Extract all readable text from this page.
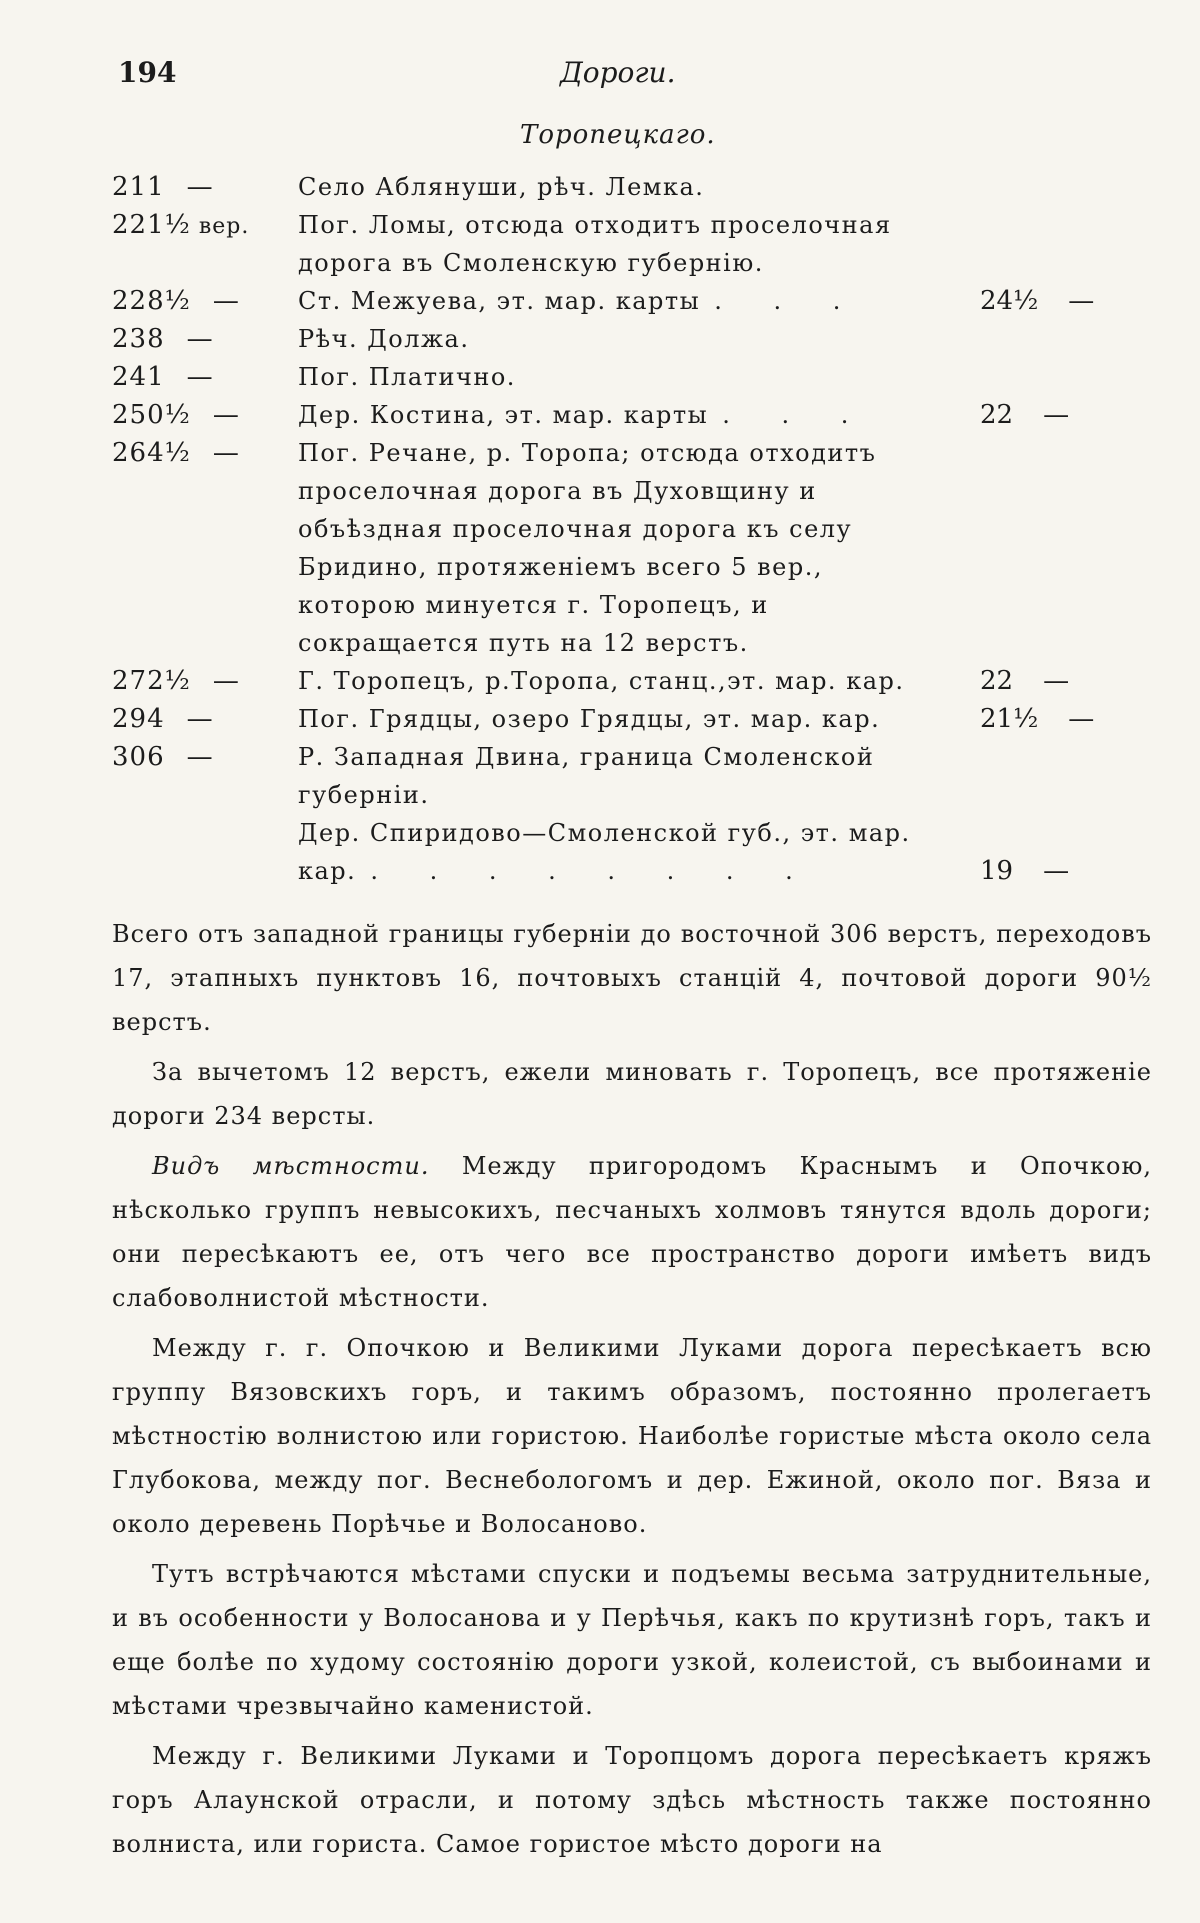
194	Дороги.
Торопецкаго.
211 —	Село Аблянуши, рѣч. Лемка.
221½ вер.	Пог. Ломы, отсюда отходитъ проселочная дорога въ Смоленскую губернію.
228½ —	Ст. Межуева, эт. мар. карты . . .	24½ —
238 —	Рѣч. Должа.
241 —	Пог. Платично.
250½ —	Дер. Костина, эт. мар. карты . . .	22 —
264½ —	Пог. Речане, р. Торопа; отсюда отходитъ проселочная дорога въ Духовщину и объѣздная проселочная дорога къ селу Бридино, протяженіемъ всего 5 вер., которою минуется г. Торопецъ, и сокращается путь на 12 верстъ.
272½ —	Г. Торопецъ, р.Торопа, станц.,эт. мар. кар.	22 —
294 —	Пог. Грядцы, озеро Грядцы, эт. мар. кар.	21½ —
306 —	Р. Западная Двина, граница Смоленской губерніи.
Дер. Спиридово—Смоленской губ., эт. мар. кар. . . . . . . . .	19 —

Всего отъ западной границы губерніи до восточной 306 верстъ, переходовъ 17, этапныхъ пунктовъ 16, почтовыхъ станцій 4, почтовой дороги 90½ верстъ.

За вычетомъ 12 верстъ, ежели миновать г. Торопецъ, все протяженіе дороги 234 версты.

Видъ мѣстности. Между пригородомъ Краснымъ и Опочкою, нѣсколько группъ невысокихъ, песчаныхъ холмовъ тянутся вдоль дороги; они пересѣкаютъ ее, отъ чего все пространство дороги имѣетъ видъ слабоволнистой мѣстности.

Между г. г. Опочкою и Великими Луками дорога пересѣкаетъ всю группу Вязовскихъ горъ, и такимъ образомъ, постоянно пролегаетъ мѣстностію волнистою или гористою. Наиболѣе гористые мѣста около села Глубокова, между пог. Веснебологомъ и дер. Ежиной, около пог. Вяза и около деревень Порѣчье и Волосаново.

Тутъ встрѣчаются мѣстами спуски и подъемы весьма затруднительные, и въ особенности у Волосанова и у Перѣчья, какъ по крутизнѣ горъ, такъ и еще болѣе по худому состоянію дороги узкой, колеистой, съ выбоинами и мѣстами чрезвычайно каменистой.

Между г. Великими Луками и Торопцомъ дорога пересѣкаетъ кряжъ горъ Алаунской отрасли, и потому здѣсь мѣстность также постоянно волниста, или гориста. Самое гористое мѣсто дороги на
